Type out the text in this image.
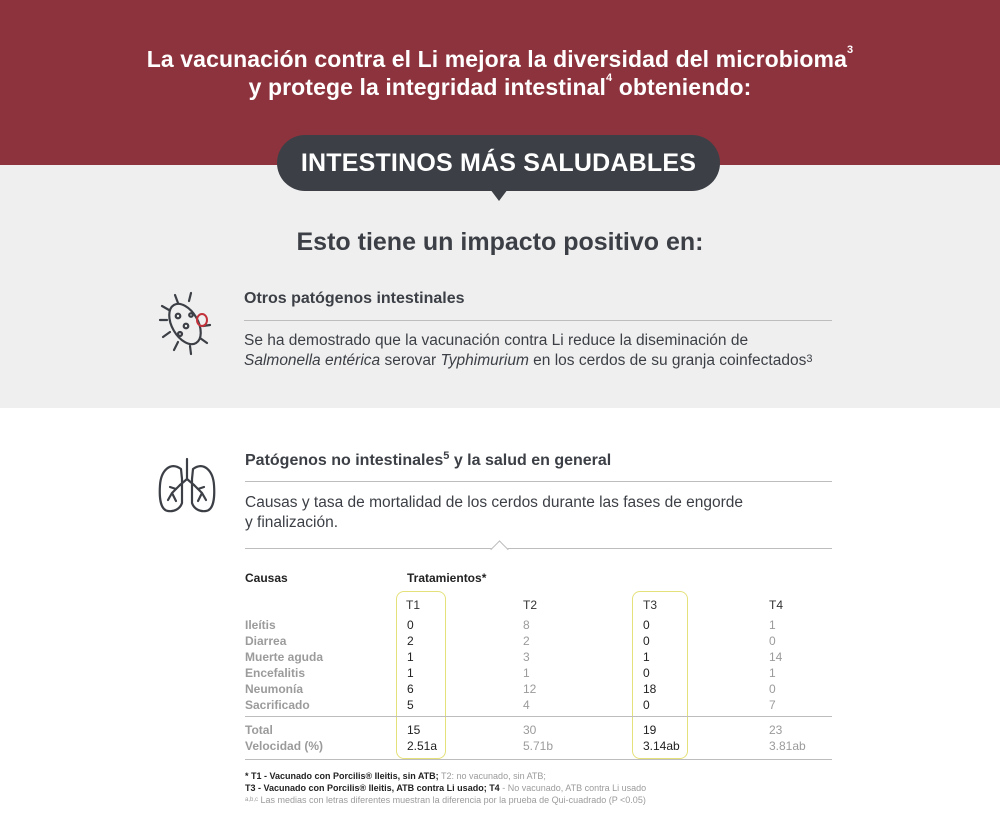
La vacunación contra el Li mejora la diversidad del microbioma$^3$
y protege la integridad intestinal$^4$ obteniendo:
INTESTINOS MÁS SALUDABLES
Esto tiene un impacto positivo en:
Otros patógenos intestinales
Se ha demostrado que la vacunación contra Li reduce la diseminación de
Salmonella entérica serovar Typhimurium en los cerdos de su granja coinfectados$^3$
Patógenos no intestinales$^5$ y la salud en general
Causas y tasa de mortalidad de los cerdos durante las fases de engorde
y finalización.
Causas	Tratamientos*
T1	T2	T3	T4
Ileítis	0	8	0	1
Diarrea	2	2	0	0
Muerte aguda	1	3	1	14
Encefalitis	1	1	0	1
Neumonía	6	12	18	0
Sacrificado	5	4	0	7
Total	15	30	19	23
Velocidad (%)	2.51a	5.71b	3.14ab	3.81ab
* T1 - Vacunado con Porcilis® Ileitis, sin ATB; T2: no vacunado, sin ATB;
T3 - Vacunado con Porcilis® Ileitis, ATB contra Li usado; T4 - No vacunado, ATB contra Li usado
$^{a,b,c}$ Las medias con letras diferentes muestran la diferencia por la prueba de Qui-cuadrado (P <0.05)
